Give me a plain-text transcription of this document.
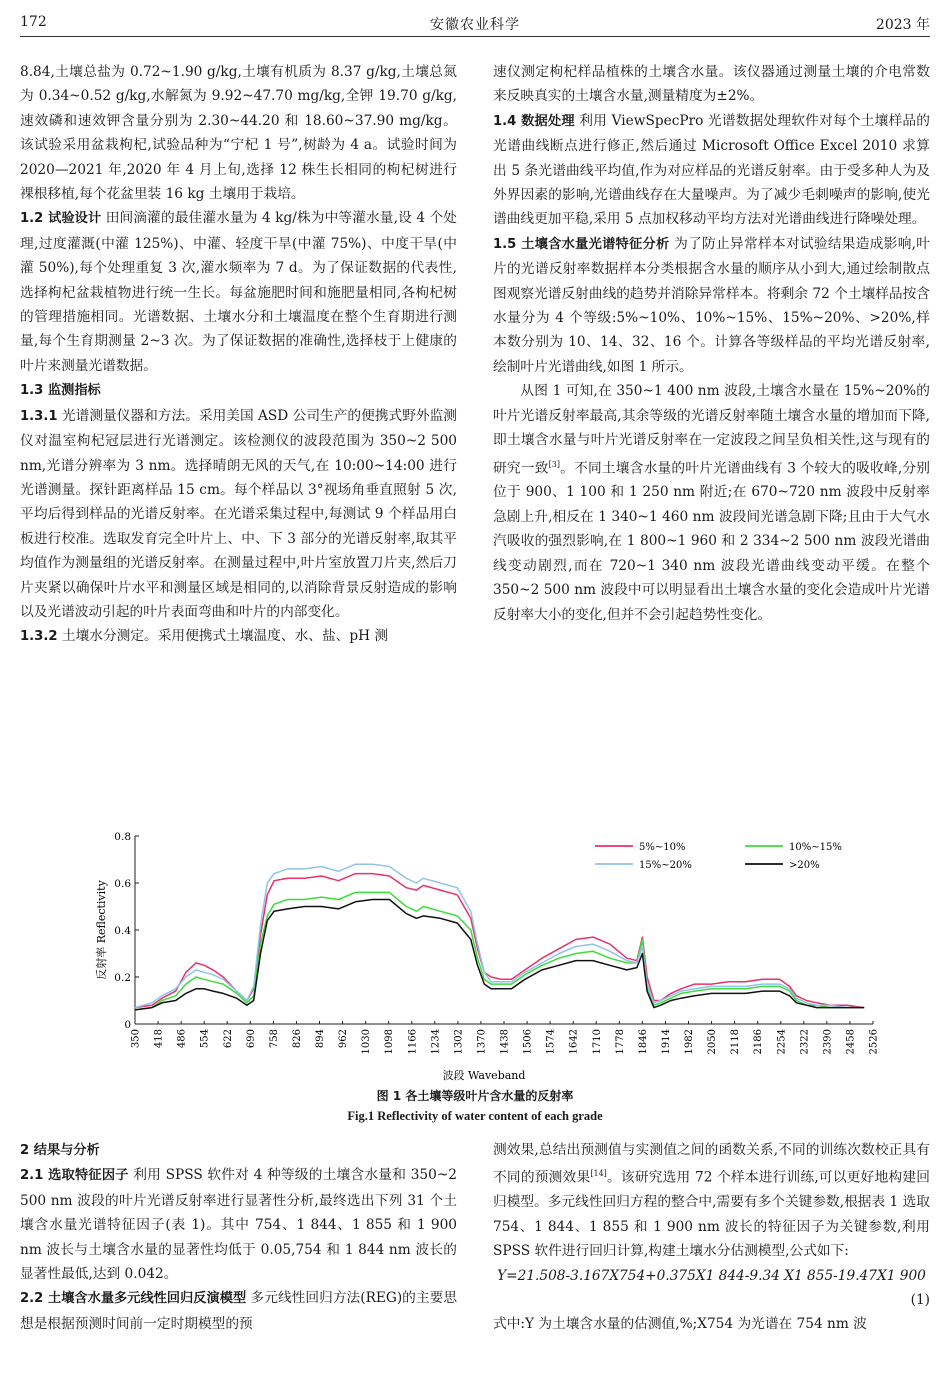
172	安徽农业科学	2023 年

8.84,土壤总盐为 0.72~1.90 g/kg,土壤有机质为 8.37 g/kg,土壤总氮为 0.34~0.52 g/kg,水解氮为 9.92~47.70 mg/kg,全钾 19.70 g/kg,速效磷和速效钾含量分别为 2.30~44.20 和 18.60~37.90 mg/kg。该试验采用盆栽枸杞,试验品种为“宁杞 1 号”,树龄为 4 a。试验时间为 2020—2021 年,2020 年 4 月上旬,选择 12 株生长相同的枸杞树进行裸根移植,每个花盆里装 16 kg 土壤用于栽培。

1.2 试验设计 田间滴灌的最佳灌水量为 4 kg/株为中等灌水量,设 4 个处理,过度灌溉(中灌 125%)、中灌、轻度干旱(中灌 75%)、中度干旱(中灌 50%),每个处理重复 3 次,灌水频率为 7 d。为了保证数据的代表性,选择枸杞盆栽植物进行统一生长。每盆施肥时间和施肥量相同,各枸杞树的管理措施相同。光谱数据、土壤水分和土壤温度在整个生育期进行测量,每个生育期测量 2~3 次。为了保证数据的准确性,选择枝于上健康的叶片来测量光谱数据。

1.3 监测指标

1.3.1 光谱测量仪器和方法。采用美国 ASD 公司生产的便携式野外监测仪对温室枸杞冠层进行光谱测定。该检测仪的波段范围为 350~2 500 nm,光谱分辨率为 3 nm。选择晴朗无风的天气,在 10:00~14:00 进行光谱测量。探针距离样品 15 cm。每个样品以 3°视场角垂直照射 5 次,平均后得到样品的光谱反射率。在光谱采集过程中,每测试 9 个样品用白板进行校准。选取发育完全叶片上、中、下 3 部分的光谱反射率,取其平均值作为测量组的光谱反射率。在测量过程中,叶片室放置刀片夹,然后刀片夹紧以确保叶片水平和测量区域是相同的,以消除背景反射造成的影响以及光谱波动引起的叶片表面弯曲和叶片的内部变化。

1.3.2 土壤水分测定。采用便携式土壤温度、水、盐、pH 测

速仪测定枸杞样品植株的土壤含水量。该仪器通过测量土壤的介电常数来反映真实的土壤含水量,测量精度为±2%。

1.4 数据处理 利用 ViewSpecPro 光谱数据处理软件对每个土壤样品的光谱曲线断点进行修正,然后通过 Microsoft Office Excel 2010 求算出 5 条光谱曲线平均值,作为对应样品的光谱反射率。由于受多种人为及外界因素的影响,光谱曲线存在大量噪声。为了减少毛刺噪声的影响,使光谱曲线更加平稳,采用 5 点加权移动平均方法对光谱曲线进行降噪处理。

1.5 土壤含水量光谱特征分析 为了防止异常样本对试验结果造成影响,叶片的光谱反射率数据样本分类根据含水量的顺序从小到大,通过绘制散点图观察光谱反射曲线的趋势并消除异常样本。将剩余 72 个土壤样品按含水量分为 4 个等级:5%~10%、10%~15%、15%~20%、>20%,样本数分别为 10、14、32、16 个。计算各等级样品的平均光谱反射率,绘制叶片光谱曲线,如图 1 所示。

从图 1 可知,在 350~1 400 nm 波段,土壤含水量在 15%~20%的叶片光谱反射率最高,其余等级的光谱反射率随土壤含水量的增加而下降,即土壤含水量与叶片光谱反射率在一定波段之间呈负相关性,这与现有的研究一致[3]。不同土壤含水量的叶片光谱曲线有 3 个较大的吸收峰,分别位于 900、1 100 和 1 250 nm 附近;在 670~720 nm 波段中反射率急剧上升,相反在 1 340~1 460 nm 波段间光谱急剧下降;且由于大气水汽吸收的强烈影响,在 1 800~1 960 和 2 334~2 500 nm 波段光谱曲线变动剧烈,而在 720~1 340 nm 波段光谱曲线变动平缓。在整个 350~2 500 nm 波段中可以明显看出土壤含水量的变化会造成叶片光谱反射率大小的变化,但并不会引起趋势性变化。

0
0.2
0.4
0.6
0.8
350 418 486 554 622 690 758 826 894 962 1030 1098 1166 1234 1302 1370 1438 1506 1574 1642 1710 1778 1846 1914 1982 2050 2118 2186 2254 2322 2390 2458 2526
波段 Waveband
反射率 Reflectivity
5%~10%	10%~15%
15%~20%	>20%
图 1 各土壤等级叶片含水量的反射率
Fig.1 Reflectivity of water content of each grade

2 结果与分析

2.1 选取特征因子 利用 SPSS 软件对 4 种等级的土壤含水量和 350~2 500 nm 波段的叶片光谱反射率进行显著性分析,最终选出下列 31 个土壤含水量光谱特征因子(表 1)。其中 754、1 844、1 855 和 1 900 nm 波长与土壤含水量的显著性均低于 0.05,754 和 1 844 nm 波长的显著性最低,达到 0.042。

2.2 土壤含水量多元线性回归反演模型 多元线性回归方法(REG)的主要思想是根据预测时间前一定时期模型的预

测效果,总结出预测值与实测值之间的函数关系,不同的训练次数校正具有不同的预测效果[14]。该研究选用 72 个样本进行训练,可以更好地构建回归模型。多元线性回归方程的整合中,需要有多个关键参数,根据表 1 选取 754、1 844、1 855 和 1 900 nm 波长的特征因子为关键参数,利用 SPSS 软件进行回归计算,构建土壤水分估测模型,公式如下:

Y=21.508-3.167X754+0.375X1 844-9.34 X1 855-19.47X1 900

(1)

式中:Y 为土壤含水量的估测值,%;X754 为光谱在 754 nm 波
